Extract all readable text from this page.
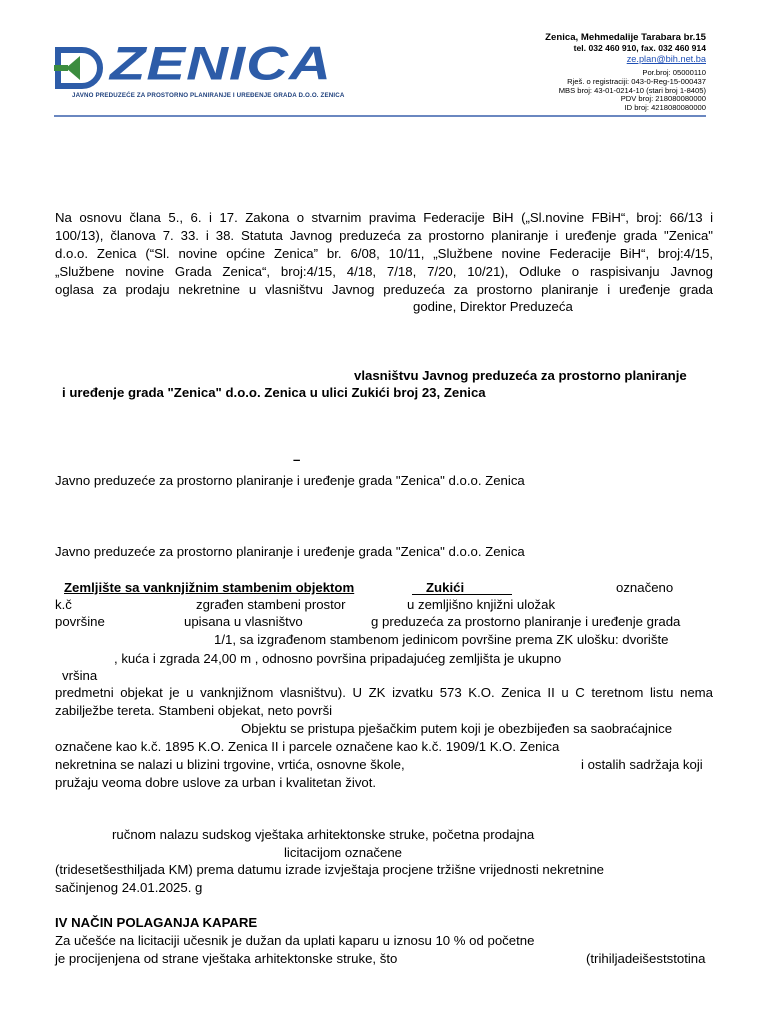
ZENICA
JAVNO PREDUZEĆE ZA PROSTORNO PLANIRANJE I UREĐENJE GRADA D.O.O. ZENICA
Zenica, Mehmedalije Tarabara br.15
tel. 032 460 910, fax. 032 460 914
ze.plan@bih.net.ba
Por.broj: 05000110
Rješ. o registraciji: 043-0-Reg-15-000437
MBS broj: 43-01-0214-10 (stari broj 1-8405)
PDV broj: 218080080000
ID broj: 4218080080000
Na osnovu člana 5., 6. i 17. Zakona o stvarnim pravima Federacije BiH („Sl.novine FBiH“, broj: 66/13 i
100/13), članova 7. 33. i 38. Statuta Javnog preduzeća za prostorno planiranje i uređenje grada "Zenica"
d.o.o. Zenica (“Sl. novine općine Zenica” br. 6/08, 10/11, „Službene novine Federacije BiH“, broj:4/15,
„Službene novine Grada Zenica“, broj:4/15, 4/18, 7/18, 7/20, 10/21), Odluke o raspisivanju Javnog
oglasa za prodaju nekretnine u vlasništvu Javnog preduzeća za prostorno planiranje i uređenje grada
godine, Direktor Preduzeća
vlasništvu Javnog preduzeća za prostorno planiranje
i uređenje grada "Zenica" d.o.o. Zenica u ulici Zukići broj 23, Zenica
–
Javno preduzeće za prostorno planiranje i uređenje grada "Zenica" d.o.o. Zenica
Javno preduzeće za prostorno planiranje i uređenje grada "Zenica" d.o.o. Zenica
Zemljište sa vanknjižnim stambenim objektom	Zukići	označeno
k.č	zgrađen stambeni prostor	u zemljišno knjižni uložak
površine	upisana u vlasništvo	g preduzeća za prostorno planiranje i uređenje grada
1/1, sa izgrađenom stambenom jedinicom površine prema ZK ulošku: dvorište
, kuća i zgrada 24,00 m , odnosno površina pripadajućeg zemljišta je ukupno
vršina
predmetni objekat je u vanknjižnom vlasništvu). U ZK izvatku 573 K.O. Zenica II u C teretnom listu nema
zabilježbe tereta. Stambeni objekat, neto površi
Objektu se pristupa pješačkim putem koji je obezbijeđen sa saobraćajnice
označene kao k.č. 1895 K.O. Zenica II i parcele označene kao k.č. 1909/1 K.O. Zenica
nekretnina se nalazi u blizini trgovine, vrtića, osnovne škole,	i ostalih sadržaja koji
pružaju veoma dobre uslove za urban i kvalitetan život.
ručnom nalazu sudskog vještaka arhitektonske struke, početna prodajna
licitacijom označene
(tridesetšesthiljada KM) prema datumu izrade izvještaja procjene tržišne vrijednosti nekretnine
sačinjenog 24.01.2025. g
IV NAČIN POLAGANJA KAPARE
Za učešće na licitaciji učesnik je dužan da uplati kaparu u iznosu 10 % od početne
je procijenjena od strane vještaka arhitektonske struke, što	(trihiljadeišeststotina
